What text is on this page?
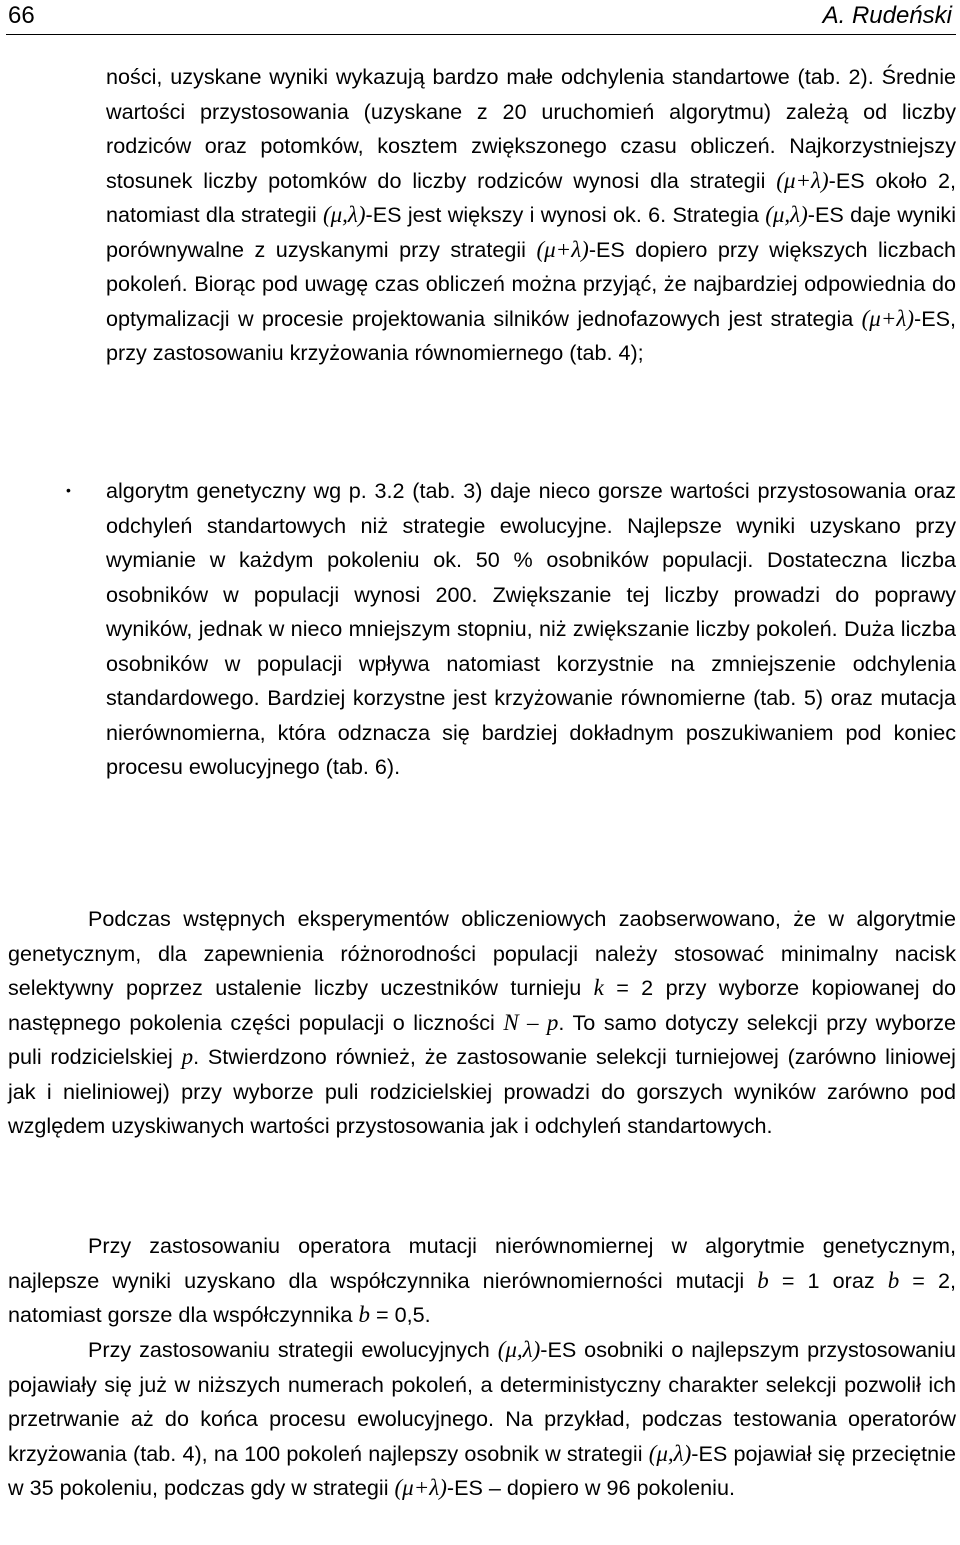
66	A. Rudeński

ności, uzyskane wyniki wykazują bardzo małe odchylenia standartowe (tab. 2). Średnie wartości przystosowania (uzyskane z 20 uruchomień algorytmu) zależą od liczby rodziców oraz potomków, kosztem zwiększonego czasu obliczeń. Najkorzystniejszy stosunek liczby potomków do liczby rodziców wynosi dla strategii (μ+λ)-ES około 2, natomiast dla strategii (μ,λ)-ES jest większy i wynosi ok. 6. Strategia (μ,λ)-ES daje wyniki porównywalne z uzyskanymi przy strategii (μ+λ)-ES dopiero przy większych liczbach pokoleń. Biorąc pod uwagę czas obliczeń można przyjąć, że najbardziej odpowiednia do optymalizacji w procesie projektowania silników jednofazowych jest strategia (μ+λ)-ES, przy zastosowaniu krzyżowania równomiernego (tab. 4);

• algorytm genetyczny wg p. 3.2 (tab. 3) daje nieco gorsze wartości przystosowania oraz odchyleń standartowych niż strategie ewolucyjne. Najlepsze wyniki uzyskano przy wymianie w każdym pokoleniu ok. 50 % osobników populacji. Dostateczna liczba osobników w populacji wynosi 200. Zwiększanie tej liczby prowadzi do poprawy wyników, jednak w nieco mniejszym stopniu, niż zwiększanie liczby pokoleń. Duża liczba osobników w populacji wpływa natomiast korzystnie na zmniejszenie odchylenia standardowego. Bardziej korzystne jest krzyżowanie równomierne (tab. 5) oraz mutacja nierównomierna, która odznacza się bardziej dokładnym poszukiwaniem pod koniec procesu ewolucyjnego (tab. 6).

Podczas wstępnych eksperymentów obliczeniowych zaobserwowano, że w algorytmie genetycznym, dla zapewnienia różnorodności populacji należy stosować minimalny nacisk selektywny poprzez ustalenie liczby uczestników turnieju k = 2 przy wyborze kopiowanej do następnego pokolenia części populacji o liczności N – p. To samo dotyczy selekcji przy wyborze puli rodzicielskiej p. Stwierdzono również, że zastosowanie selekcji turniejowej (zarówno liniowej jak i nieliniowej) przy wyborze puli rodzicielskiej prowadzi do gorszych wyników zarówno pod względem uzyskiwanych wartości przystosowania jak i odchyleń standartowych.

Przy zastosowaniu operatora mutacji nierównomiernej w algorytmie genetycznym, najlepsze wyniki uzyskano dla współczynnika nierównomierności mutacji b = 1 oraz b = 2, natomiast gorsze dla współczynnika b = 0,5.

Przy zastosowaniu strategii ewolucyjnych (μ,λ)-ES osobniki o najlepszym przystosowaniu pojawiały się już w niższych numerach pokoleń, a deterministyczny charakter selekcji pozwolił ich przetrwanie aż do końca procesu ewolucyjnego. Na przykład, podczas testowania operatorów krzyżowania (tab. 4), na 100 pokoleń najlepszy osobnik w strategii (μ,λ)-ES pojawiał się przeciętnie w 35 pokoleniu, podczas gdy w strategii (μ+λ)-ES – dopiero w 96 pokoleniu.
